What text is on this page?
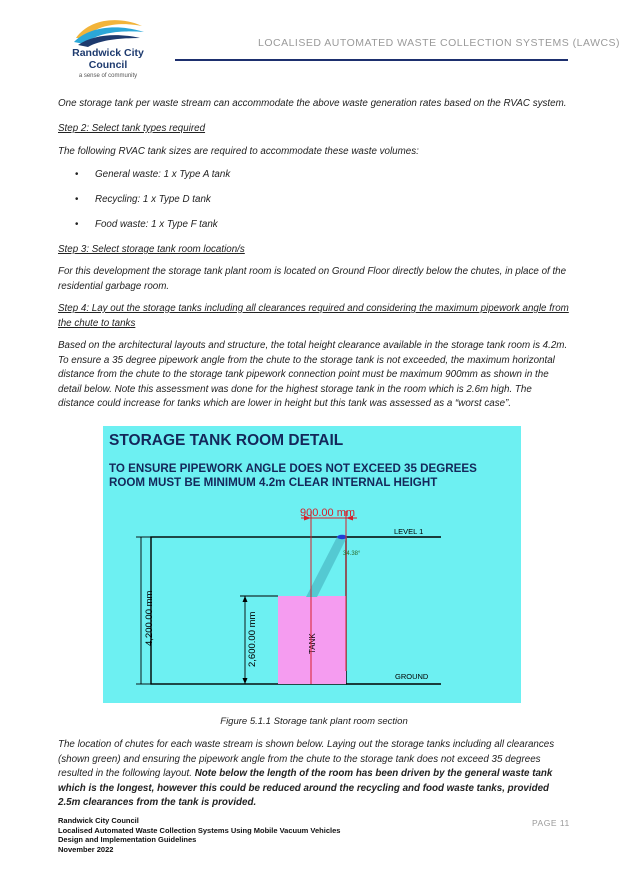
Randwick City
Council
a sense of community
LOCALISED AUTOMATED WASTE COLLECTION SYSTEMS (LAWCS)

One storage tank per waste stream can accommodate the above waste generation rates based on the RVAC system.

Step 2: Select tank types required

The following RVAC tank sizes are required to accommodate these waste volumes:

• General waste: 1 x Type A tank
• Recycling: 1 x Type D tank
• Food waste: 1 x Type F tank

Step 3: Select storage tank room location/s

For this development the storage tank plant room is located on Ground Floor directly below the chutes, in place of the residential garbage room.

Step 4: Lay out the storage tanks including all clearances required and considering the maximum pipework angle from the chute to tanks

Based on the architectural layouts and structure, the total height clearance available in the storage tank room is 4.2m. To ensure a 35 degree pipework angle from the chute to the storage tank is not exceeded, the maximum horizontal distance from the chute to the storage tank pipework connection point must be maximum 900mm as shown in the detail below. Note this assessment was done for the highest storage tank in the room which is 2.6m high. The distance could increase for tanks which are lower in height but this tank was assessed as a “worst case”.

STORAGE TANK ROOM DETAIL
TO ENSURE PIPEWORK ANGLE DOES NOT EXCEED 35 DEGREES
ROOM MUST BE MINIMUM 4.2m CLEAR INTERNAL HEIGHT
LEVEL 1
GROUND
TANK
900.00 mm
34.38°
4,200.00 mm	2,600.00 mm
Figure 5.1.1 Storage tank plant room section

The location of chutes for each waste stream is shown below. Laying out the storage tanks including all clearances (shown green) and ensuring the pipework angle from the chute to the storage tank does not exceed 35 degrees resulted in the following layout. Note below the length of the room has been driven by the general waste tank which is the longest, however this could be reduced around the recycling and food waste tanks, provided 2.5m clearances from the tank is provided.

Randwick City Council
Localised Automated Waste Collection Systems Using Mobile Vacuum Vehicles
Design and Implementation Guidelines
November 2022
PAGE 11
